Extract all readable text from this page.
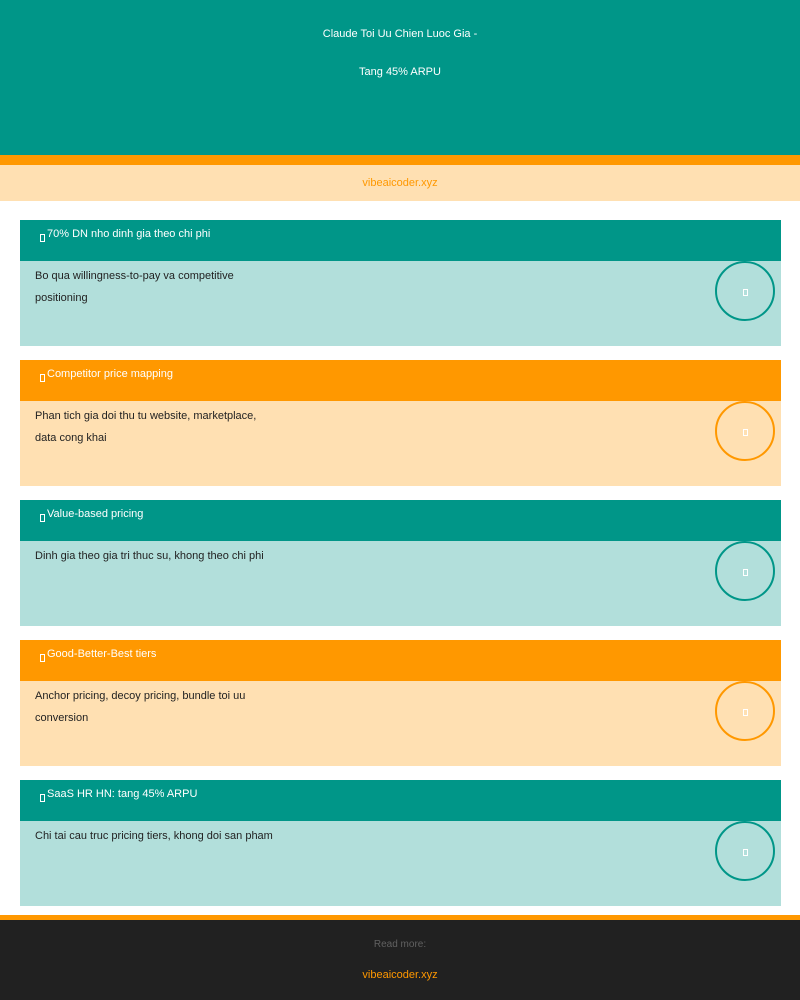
Claude Toi Uu Chien Luoc Gia -
Tang 45% ARPU
vibeaicoder.xyz
70% DN nho dinh gia theo chi phi
Bo qua willingness-to-pay va competitive positioning
Competitor price mapping
Phan tich gia doi thu tu website, marketplace, data cong khai
Value-based pricing
Dinh gia theo gia tri thuc su, khong theo chi phi
Good-Better-Best tiers
Anchor pricing, decoy pricing, bundle toi uu conversion
SaaS HR HN: tang 45% ARPU
Chi tai cau truc pricing tiers, khong doi san pham
Read more:
vibeaicoder.xyz
